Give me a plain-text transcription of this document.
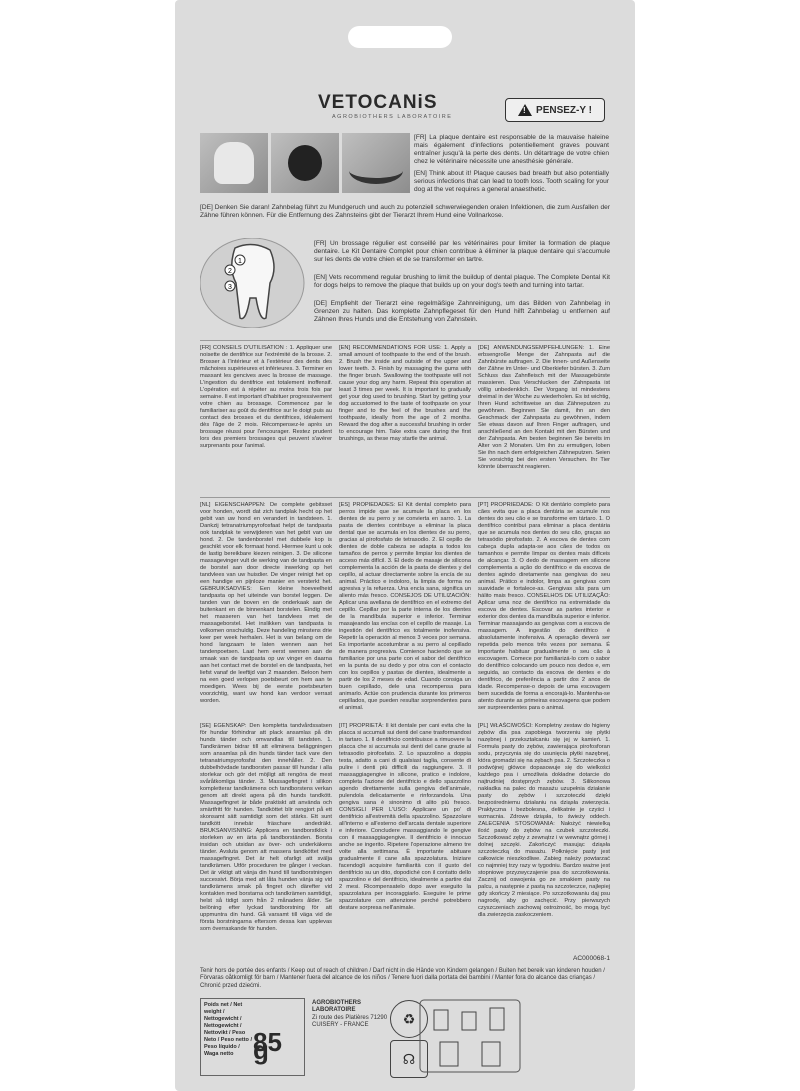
VETOCANiS
AGROBIOTHERS LABORATOIRE
! PENSEZ-Y !
[FR] La plaque dentaire est responsable de la mauvaise haleine mais également d'infections potentiellement graves pouvant entraîner jusqu'à la perte des dents. Un détartrage de votre chien chez le vétérinaire nécessite une anesthésie générale.
[EN] Think about it! Plaque causes bad breath but also potentially serious infections that can lead to tooth loss. Tooth scaling for your dog at the vet requires a general anaesthetic.
[DE] Denken Sie daran! Zahnbelag führt zu Mundgeruch und auch zu potenziell schwerwiegenden oralen Infektionen, die zum Ausfallen der Zähne führen können. Für die Entfernung des Zahnsteins gibt der Tierarzt Ihrem Hund eine Vollnarkose.
1
2
3
[FR] Un brossage régulier est conseillé par les vétérinaires pour limiter la formation de plaque dentaire. Le Kit Dentaire Complet pour chien contribue à éliminer la plaque dentaire qui s'accumule sur les dents de votre chien et de se transformer en tartre.
[EN] Vets recommend regular brushing to limit the buildup of dental plaque. The Complete Dental Kit for dogs helps to remove the plaque that builds up on your dog's teeth and turning into tartar.
[DE] Empfiehlt der Tierarzt eine regelmäßige Zahnreinigung, um das Bilden von Zahnbelag in Grenzen zu halten. Das komplette Zahnpflegeset für den Hund hilft Zahnbelag u entfernen auf Zähnen Ihres Hunds und die Entstehung von Zahnstein.
[FR] CONSEILS D'UTILISATION : 1. Appliquer une noisette de dentifrice sur l'extrémité de la brosse. 2. Brosser à l'intérieur et à l'extérieur des dents des mâchoires supérieures et inférieures. 3. Terminer en massant les gencives avec la brosse de massage. L'ingestion du dentifrice est totalement inoffensif. L'opération est à répéter au moins trois fois par semaine. Il est important d'habituer progressivement votre chien au brossage. Commencez par le familiariser au goût du dentifrice sur le doigt puis au contact des brosses et du dentifrices, idéalement dès l'âge de 2 mois. Récompensez-le après un brossage réussi pour l'encourager. Restez prudent lors des premiers brossages qui peuvent s'avérer surprenants pour l'animal.
[EN] RECOMMENDATIONS FOR USE: 1. Apply a small amount of toothpaste to the end of the brush. 2. Brush the inside and outside of the upper and lower teeth. 3. Finish by massaging the gums with the finger brush. Swallowing the toothpaste will not cause your dog any harm. Repeat this operation at least 3 times per week. It is important to gradually get your dog used to brushing. Start by getting your dog accustomed to the taste of toothpaste on your finger and to the feel of the brushes and the toothpaste, ideally from the age of 2 months. Reward the dog after a successful brushing in order to encourage him. Take extra care during the first brushings, as these may startle the animal.
[DE] ANWENDUNGSEMPFEHLUNGEN: 1. Eine erbsengroße Menge der Zahnpasta auf die Zahnbürste auftragen. 2. Die Innen- und Außenseite der Zähne im Unter- und Oberkiefer bürsten. 3. Zum Schluss das Zahnfleisch mit der Massagebürste massieren. Das Verschlucken der Zahnpasta ist völlig unbedenklich. Der Vorgang ist mindestens dreimal in der Woche zu wiederholen. Es ist wichtig, Ihren Hund schrittweise an das Zähneputzen zu gewöhnen. Beginnen Sie damit, ihn an den Geschmack der Zahnpasta zu gewöhnen, indem Sie etwas davon auf Ihren Finger auftragen, und anschließend an den Kontakt mit den Bürsten und der Zahnpasta. Am besten beginnen Sie bereits im Alter von 2 Monaten. Um ihn zu ermutigen, loben Sie ihn nach dem erfolgreichen Zähneputzen. Seien Sie vorsichtig bei den ersten Versuchen. Ihr Tier könnte überrascht reagieren.
[NL] EIGENSCHAPPEN: De complete gebitsset voor honden, wordt dat zich tandplak hecht op het gebit van uw hond en verandert in tandsteen. 1. Dankzij tetranatriumpyrofosfaat helpt de tandpasta ook tandplak te verwijderen van het gebit van uw hond. 2. De tandenborstel met dubbele kop is geschikt voor elk formaat hond. Hiermee kunt u ook de lastig bereikbare kiezen reinigen. 3. De silicone massagevinger vult de werking van de tandpasta en de borstel aan door directe inwerking op het tandvlees van uw huisdier. De vinger reinigt het op een handige en pijnloze manier en versterkt het. GEBRUIKSADVIES: Een kleine hoeveelheid tandpasta op het uiteinde van borstel leggen. De tanden van de boven en de onderkaak aan de buitenkant en de binnenkant borstelen. Eindig met het masseren van het tandvlees met de massageborstel. Het inslikken van tandpasta is volkomen onschuldig. Deze handeling minstens drie keer per week herhalen. Het is van belang om de hond langzaam te laten wennen aan het tandenpoetsen. Laat hem eerst wennen aan de smaak van de tandpasta op uw vinger en daarna aan het contact met de borstel en de tandpasta, het liefst vanaf de leeftijd van 2 maanden. Beloon hem na een goed verlopen poetsbeurt om hem aan te moedigen. Wees bij de eerste poetsbeurten voorzichtig, want uw hond kan verdoor verrast worden.
[ES] PROPIEDADES: El Kit dental completo para perros impide que se acumule la placa en los dientes de su perro y se convierta en sarro. 1. La pasta de dientes contribuye a eliminar la placa dental que se acumula en los dientes de su perro, gracias al pirofosfato de tetrasodio. 2. El cepillo de dientes de doble cabeza se adapta a todos los tamaños de perros y permite limpiar los dientes de acceso más difícil. 3. El dedo de masaje de silicona complementa la acción de la pasta de dientes y del cepillo, al actuar directamente sobre la encía de su animal. Práctico e indoloro, la limpia de forma no agresiva y la refuerza. Una encía sana, significa un aliento más fresco. CONSEJOS DE UTILIZACIÓN: Aplicar una avellana de dentífrico en el extremo del cepillo. Cepillar por la parte interna de los dientes de la mandíbula superior e inferior. Terminar masajeando las encías con el cepillo de masaje. La ingestión del dentífrico es totalmente inofensiva. Repetir la operación al menos 3 veces por semana. Es importante acostumbrar a su perro al cepillado de manera progresiva. Comience haciendo que se familiarice por una parte con el sabor del dentífrico en la punta de su dedo y por otra con el contacto con los cepillos y pastas de dientes, idealmente a partir de los 2 meses de edad. Cuando consiga un buen cepillado, dele una recompensa para animarlo. Actúe con prudencia durante los primeros cepillados, que pueden resultar sorprendentes para el animal.
[PT] PROPRIEDADE: O Kit dentário completo para cães evita que a placa dentária se acumule nos dentes do seu cão e se transforme em tártaro. 1. O dentífrico contribui para eliminar a placa dentária que se acumula nos dentes do seu cão, graças ao tetrasódio pirofosfato. 2. A escova de dentes com cabeça dupla adapta-se aos cães de todos os tamanhos e permite limpar os dentes mais difíceis de alcançar. 3. O dedo de massagem em silicone complementa a ação do dentífrico e da escova de dentes agindo diretamente nas gengivas do seu animal. Prático e indolor, limpa as gengivas com suavidade e fortalece-as. Gengivas sãs para um hálito mais fresco. CONSELHOS DE UTILIZAÇÃO: Aplicar uma noz de dentífrico na extremidade da escova de dentes. Escovar as partes interior e exterior dos dentes da mandíbula superior e inferior. Terminar massajando as gengivas com a escova de massagem. A ingestão do dentífrico é absolutamente inofensiva. A operação deverá ser repetida pelo menos três vezes por semana. É importante habituar gradualmente o seu cão à escovagem. Comece por familiarizá-lo com o sabor do dentífrico colocando um pouco nos dedos e, em seguida, ao contacto da escova de dentes e do dentífrico, de preferência a partir dos 2 anos de idade. Recompense-o depois de uma escovagem bem sucedida de forma a encorajá-lo. Mantenha-se atento durante as primeiras escovagens que podem ser surpreendentes para o animal.
[SE] EGENSKAP: Den kompletta tandvårdssatsen för hundar förhindrar att plack ansamlas på din hunds tänder och omvandlas till tandsten. 1. Tandkrämen bidrar till att eliminera beläggningen som ansamlas på din hunds tänder tack vare den tetranatriumpyrofosfat den innehåller. 2. Den dubbelhövdade tandborsten passar till hundar i alla storlekar och gör det möjligt att rengöra de mest svåråtkomliga tänder. 3. Massagefingret i silikon kompletterar tandkrämens och tandborstens verkan genom att direkt agera på din hunds tandkött. Massagefingret är både praktiskt att använda och smärtfritt för hunden. Tandköttet blir rengjort på ett skonsamt sätt samtidigt som det stärks. Ett sunt tandkött innebär fräschare andedräkt. BRUKSANVISNING: Applicera en tandborstklick i storleken av en ärta på tandborständen. Borsta insidan och utsidan av över- och underkäkens tänder. Avsluta genom att massera tandköttet med massagefingret. Det är helt ofarligt att svälja tandkrämen. Utför proceduren tre gånger i veckan. Det är viktigt att vänja din hund till tandborstningen successivt. Börja med att låta hunden vänja sig vid tandkrämens smak på fingret och därefter vid kontakten med borstarna och tandkrämen samtidigt, helst så tidigt som från 2 månaders ålder. Se belöning efter lyckad tandborstning för att uppmuntra din hund. Gå varsamt till väga vid de första borstningarna eftersom dessa kan upplevas som överraskande för hunden.
[IT] PROPRIETÀ: Il kit dentale per cani evita che la placca si accumuli sui denti del cane trasformandosi in tartaro. 1. Il dentifricio contribuisce a rimuovere la placca che si accumula sui denti del cane grazie al tetrasodio pirofosfato. 2. Lo spazzolino a doppia testa, adatto a cani di qualsiasi taglia, consente di pulire i denti più difficili da raggiungere. 3. Il massaggiagengive in silicone, pratico e indolore, completa l'azione del dentifricio e dello spazzolino agendo direttamente sulla gengiva dell'animale, pulendola delicatamente e rinforzandola. Una gengiva sana è sinonimo di alito più fresco. CONSIGLI PER L'USO: Applicare un po' di dentifricio all'estremità della spazzolino. Spazzolare all'interno e all'esterno dell'arcata dentale superiore e inferiore. Concludere massaggiando le gengive con il massaggiagengive. Il dentifricio è innocuo anche se ingerito. Ripetere l'operazione almeno tre volte alla settimana. È importante abituare gradualmente il cane alla spazzolatura. Iniziare facendogli acquisire familiarità con il gusto del dentifricio su un dito, dopodiché con il contatto dello spazzolino e del dentifricio, idealmente a partire dai 2 mesi. Ricompensatelo dopo aver eseguito la spazzolatura per incoraggiarlo. Eseguire le prime spazzolature con attenzione perché potrebbero destare sorpresa nell'animale.
[PL] WŁAŚCIWOŚCI: Kompletny zestaw do higieny zębów dla psa zapobiega tworzeniu się płytki nazębnej i przekształcaniu się jej w kamień. 1. Formuła pasty do zębów, zawierająca pirofosforan sodu, przyczynia się do usunięcia płytki nazębnej, która gromadzi się na zębach psa. 2. Szczoteczka o podwójnej główce dopasowuje się do wielkości każdego psa i umożliwia dokładne dotarcie do najtrudniej dostępnych zębów. 3. Silikonowa nakładka na palec do masażu uzupełnia działanie pasty do zębów i szczoteczki dzięki bezpośredniemu działaniu na dziąsła zwierzęcia. Praktyczna i bezbolesna, delikatnie je czyści i wzmacnia. Zdrowe dziąsła, to świeży oddech. ZALECENIA STOSOWANIA: Nałożyć niewielką ilość pasty do zębów na czubek szczoteczki. Szczotkować zęby z zewnątrz i w wewnątrz górnej i dolnej szczęki. Zakończyć masując dziąsła szczoteczką do masażu. Połknięcie pasty jest całkowicie nieszkodliwe. Zabieg należy powtarzać co najmniej trzy razy w tygodniu. Bardzo ważne jest stopniowe przyzwyczajenie psa do szczotkowania. Zacznij od oswojenia go ze smakiem pasty na palcu, a następnie z pastą na szczoteczce, najlepiej gdy skończy 2 miesiące. Po szczotkowaniu daj psu nagrodę, aby go zachęcić. Przy pierwszych czyszczeniach zachowaj ostrożność, bo mogą być dla zwierzęcia zaskoczeniem.
AC000068-1
Tenir hors de portée des enfants / Keep out of reach of children / Darf nicht in die Hände von Kindern gelangen / Buiten het bereik van kinderen houden / Förvaras oåtkomligt för barn / Mantener fuera del alcance de los niños / Tenere fuori dalla portata dei bambini / Manter fora do alcance das crianças / Chronić przed dziećmi.
Poids net / Net weight / Nettogewicht / Nettogewicht / Nettovikt / Peso Neto / Peso netto / Peso líquido / Waga netto 85 g
AGROBIOTHERS LABORATOIRE
Zi route des Platières 71290 CUISERY - FRANCE	♻
☊
